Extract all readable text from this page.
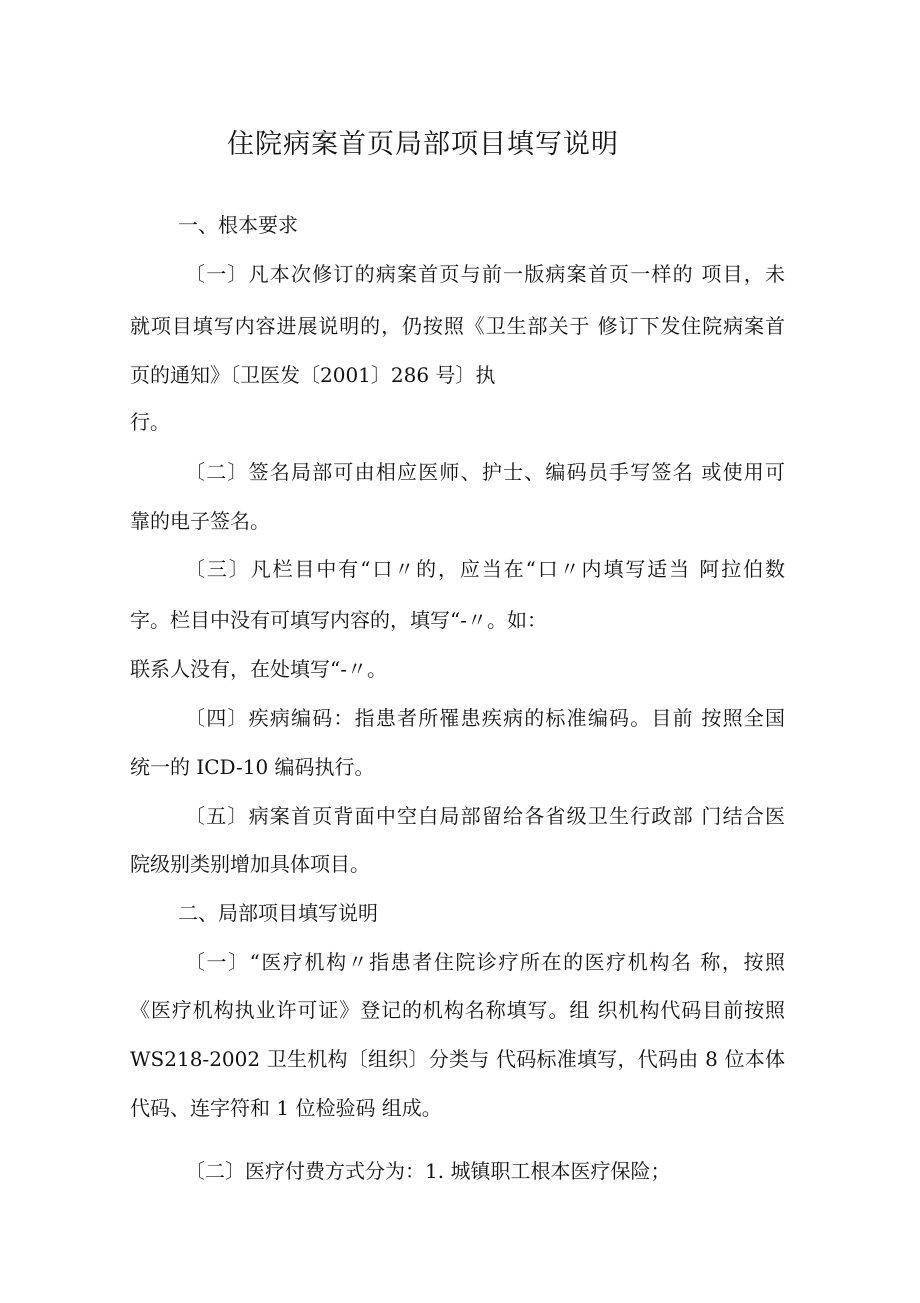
住院病案首页局部项目填写说明
一、根本要求
〔一〕凡本次修订的病案首页与前一版病案首页一样的 项目，未
就项目填写内容进展说明的，仍按照《卫生部关于 修订下发住院病案首
页的通知》〔卫医发〔2001〕286 号〕执
行。
〔二〕签名局部可由相应医师、护士、编码员手写签名 或使用可
靠的电子签名。
〔三〕凡栏目中有“口〃的，应当在“口〃内填写适当 阿拉伯数
字。栏目中没有可填写内容的，填写“-〃。如：
联系人没有，在处填写“-〃。
〔四〕疾病编码：指患者所罹患疾病的标准编码。目前 按照全国
统一的 ICD-10 编码执行。
〔五〕病案首页背面中空白局部留给各省级卫生行政部 门结合医
院级别类别增加具体项目。
二、局部项目填写说明
〔一〕“医疗机构〃指患者住院诊疗所在的医疗机构名 称，按照
《医疗机构执业许可证》登记的机构名称填写。组 织机构代码目前按照
WS218-2002 卫生机构〔组织〕分类与 代码标准填写，代码由 8 位本体
代码、连字符和 1 位检验码 组成。
〔二〕医疗付费方式分为：1. 城镇职工根本医疗保险；
